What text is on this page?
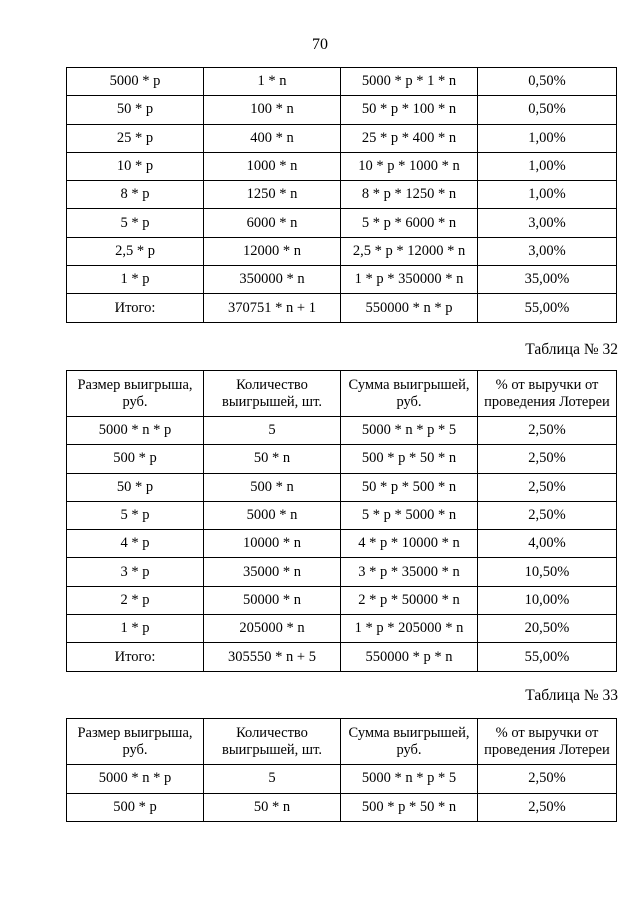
70
5000 * p	1 * n	5000 * p * 1 * n	0,50%
50 * p	100 * n	50 * p * 100 * n	0,50%
25 * p	400 * n	25 * p * 400 * n	1,00%
10 * p	1000 * n	10 * p * 1000 * n	1,00%
8 * p	1250 * n	8 * p * 1250 * n	1,00%
5 * p	6000 * n	5 * p * 6000 * n	3,00%
2,5 * p	12000 * n	2,5 * p * 12000 * n	3,00%
1 * p	350000 * n	1 * p * 350000 * n	35,00%
Итого:	370751 * n + 1	550000 * n * p	55,00%
Таблица № 32
Размер выигрыша, руб.	Количество выигрышей, шт.	Сумма выигрышей, руб.	% от выручки от проведения Лотереи
5000 * n * p	5	5000 * n * p * 5	2,50%
500 * p	50 * n	500 * p * 50 * n	2,50%
50 * p	500 * n	50 * p * 500 * n	2,50%
5 * p	5000 * n	5 * p * 5000 * n	2,50%
4 * p	10000 * n	4 * p * 10000 * n	4,00%
3 * p	35000 * n	3 * p * 35000 * n	10,50%
2 * p	50000 * n	2 * p * 50000 * n	10,00%
1 * p	205000 * n	1 * p * 205000 * n	20,50%
Итого:	305550 * n + 5	550000 * p * n	55,00%
Таблица № 33
Размер выигрыша, руб.	Количество выигрышей, шт.	Сумма выигрышей, руб.	% от выручки от проведения Лотереи
5000 * n * p	5	5000 * n * p * 5	2,50%
500 * p	50 * n	500 * p * 50 * n	2,50%
